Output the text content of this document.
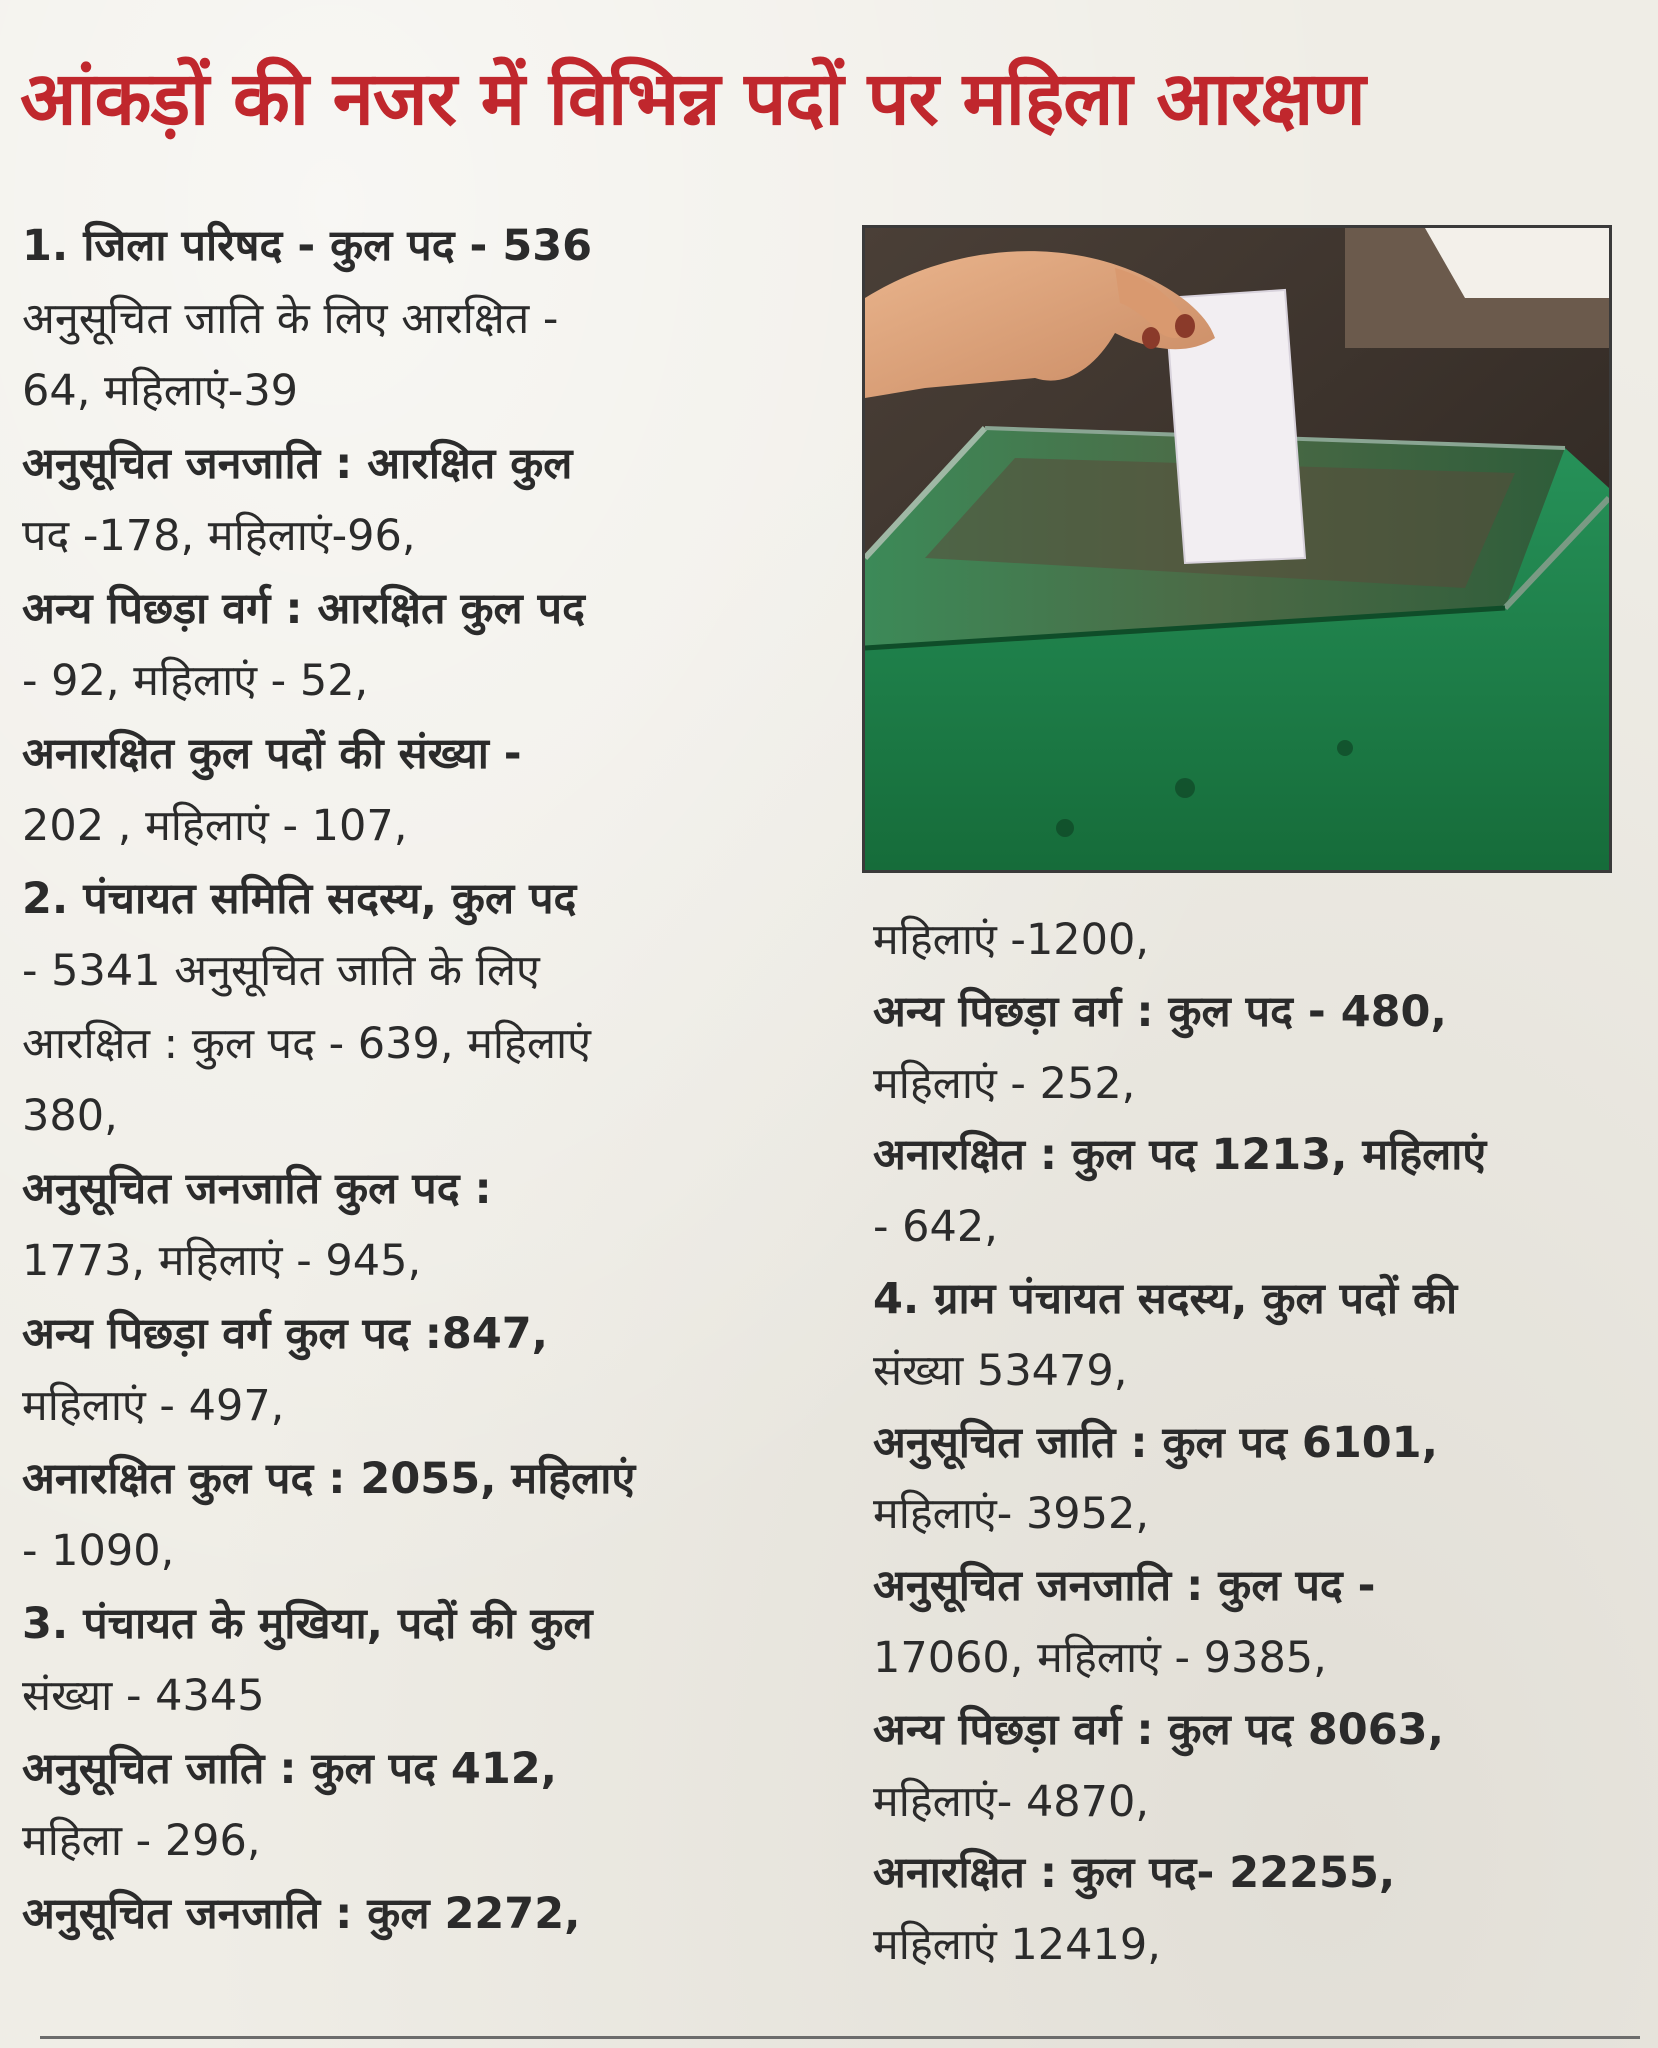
आंकड़ों की नजर में विभिन्न पदों पर महिला आरक्षण
1. जिला परिषद - कुल पद - 536
अनुसूचित जाति के लिए आरक्षित -
64, महिलाएं-39
अनुसूचित जनजाति : आरक्षित कुल
पद -178, महिलाएं-96,
अन्य पिछड़ा वर्ग : आरक्षित कुल पद
- 92, महिलाएं - 52,
अनारक्षित कुल पदों की संख्या -
202 , महिलाएं - 107,
2. पंचायत समिति सदस्य, कुल पद
- 5341 अनुसूचित जाति के लिए
आरक्षित : कुल पद - 639, महिलाएं
380,
अनुसूचित जनजाति कुल पद :
1773, महिलाएं - 945,
अन्य पिछड़ा वर्ग कुल पद :847,
महिलाएं - 497,
अनारक्षित कुल पद : 2055, महिलाएं
- 1090,
3. पंचायत के मुखिया, पदों की कुल
संख्या - 4345
अनुसूचित जाति : कुल पद 412,
महिला - 296,
अनुसूचित जनजाति : कुल 2272,
महिलाएं -1200,
अन्य पिछड़ा वर्ग : कुल पद - 480,
महिलाएं - 252,
अनारक्षित : कुल पद 1213, महिलाएं
- 642,
4. ग्राम पंचायत सदस्य, कुल पदों की
संख्या 53479,
अनुसूचित जाति : कुल पद 6101,
महिलाएं- 3952,
अनुसूचित जनजाति : कुल पद -
17060, महिलाएं - 9385,
अन्य पिछड़ा वर्ग : कुल पद 8063,
महिलाएं- 4870,
अनारक्षित : कुल पद- 22255,
महिलाएं 12419,
